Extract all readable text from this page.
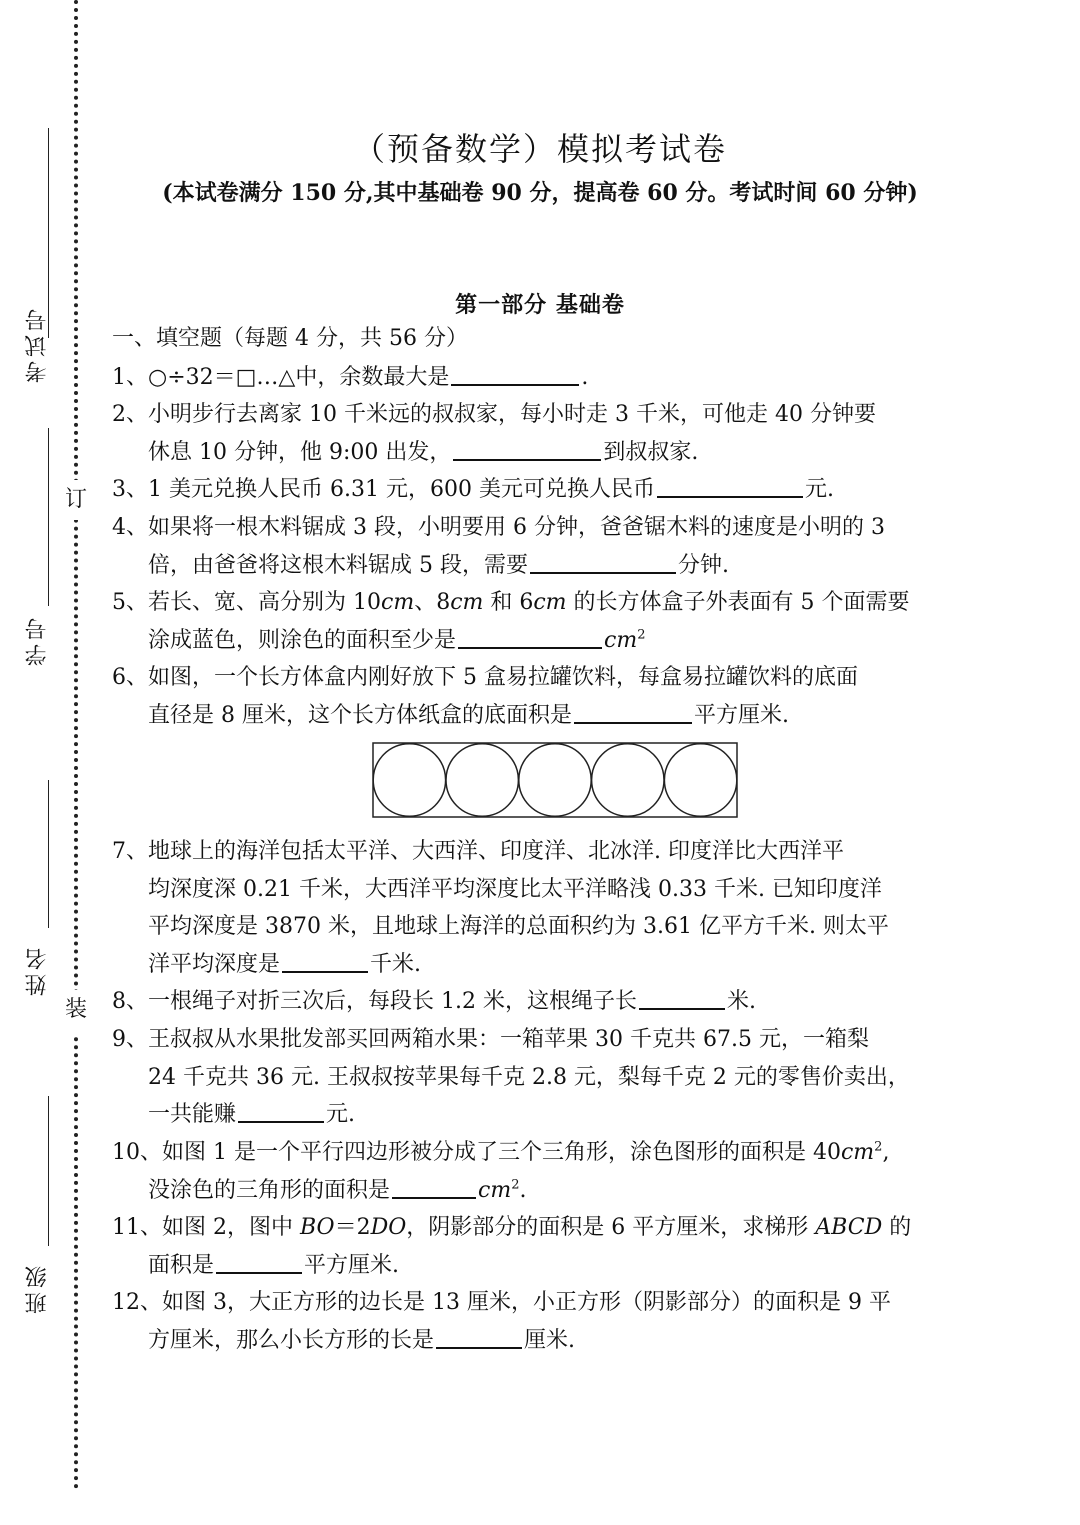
订
装
考试号
学号
姓名
班级
（预备数学）模拟考试卷
(本试卷满分 150 分,其中基础卷 90 分，提高卷 60 分。考试时间 60 分钟)
第一部分 基础卷
一、填空题（每题 4 分，共 56 分）
1、○÷32＝□…△中，余数最大是	.
2、小明步行去离家 10 千米远的叔叔家，每小时走 3 千米，可他走 40 分钟要
休息 10 分钟，他 9:00 出发，	到叔叔家.
3、1 美元兑换人民币 6.31 元，600 美元可兑换人民币	元.
4、如果将一根木料锯成 3 段，小明要用 6 分钟，爸爸锯木料的速度是小明的 3
倍，由爸爸将这根木料锯成 5 段，需要	分钟.
5、若长、宽、高分别为 10cm、8cm 和 6cm 的长方体盒子外表面有 5 个面需要
涂成蓝色，则涂色的面积至少是	$cm^2$
6、如图，一个长方体盒内刚好放下 5 盒易拉罐饮料，每盒易拉罐饮料的底面
直径是 8 厘米，这个长方体纸盒的底面积是	平方厘米.
7、地球上的海洋包括太平洋、大西洋、印度洋、北冰洋. 印度洋比大西洋平
均深度深 0.21 千米，大西洋平均深度比太平洋略浅 0.33 千米. 已知印度洋
平均深度是 3870 米，且地球上海洋的总面积约为 3.61 亿平方千米. 则太平
洋平均深度是	千米.
8、一根绳子对折三次后，每段长 1.2 米，这根绳子长	米.
9、王叔叔从水果批发部买回两箱水果：一箱苹果 30 千克共 67.5 元，一箱梨
24 千克共 36 元. 王叔叔按苹果每千克 2.8 元，梨每千克 2 元的零售价卖出，
一共能赚	元.
10、如图 1 是一个平行四边形被分成了三个三角形，涂色图形的面积是 $40cm^2$,
没涂色的三角形的面积是	$cm^2$.
11、如图 2，图中 BO＝2DO，阴影部分的面积是 6 平方厘米，求梯形 ABCD 的
面积是	平方厘米.
12、如图 3，大正方形的边长是 13 厘米，小正方形（阴影部分）的面积是 9 平
方厘米，那么小长方形的长是	厘米.
